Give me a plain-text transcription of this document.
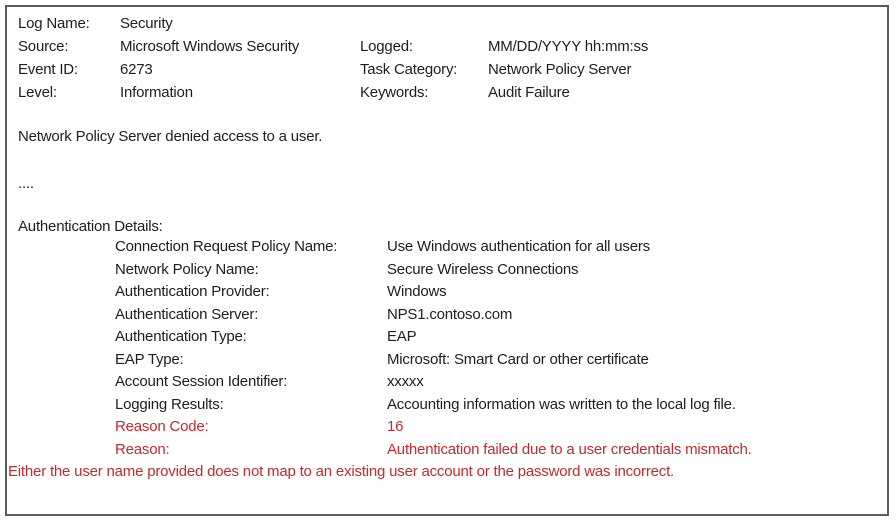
Log Name: Security
Source:	Microsoft Windows Security	Logged:	MM/DD/YYYY hh:mm:ss
Event ID:	6273	Task Category: Network Policy Server
Level:	Information	Keywords:	Audit Failure
Network Policy Server denied access to a user.
....
Authentication Details:
Connection Request Policy Name:	Use Windows authentication for all users
Network Policy Name:	Secure Wireless Connections
Authentication Provider:	Windows
Authentication Server:	NPS1.contoso.com
Authentication Type:	EAP
EAP Type:	Microsoft: Smart Card or other certificate
Account Session Identifier:	xxxxx
Logging Results:	Accounting information was written to the local log file.
Reason Code:	16
Reason:	Authentication failed due to a user credentials mismatch.
Either the user name provided does not map to an existing user account or the password was incorrect.
